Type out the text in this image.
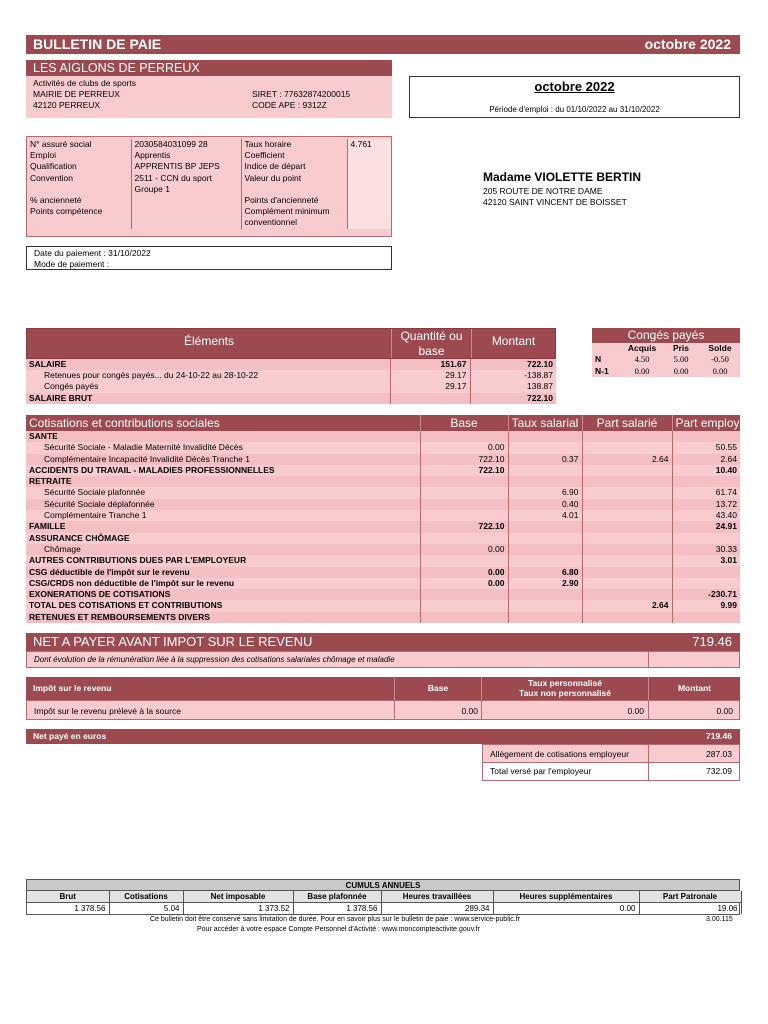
BULLETIN DE PAIE	octobre 2022
LES AIGLONS DE PERREUX
Activités de clubs de sports
MAIRIE DE PERREUX
42120 PERREUX
SIRET : 77632874200015
CODE APE : 9312Z
octobre 2022
Période d'emploi : du 01/10/2022 au 31/10/2022
N° assuré social	2030584031099 28	Taux horaire	4.761
Emploi	Apprentis	Coefficient	
Qualification	APPRENTIS BP JEPS	Indice de départ	
Convention	2511 - CCN du sport	Valeur du point	
	Groupe 1		
% ancienneté		Points d'ancienneté	
Points compétence		Complément minimum	
		conventionnel	
Madame VIOLETTE BERTIN
205 ROUTE DE NOTRE DAME
42120 SAINT VINCENT DE BOISSET
Date du paiement : 31/10/2022
Mode de paiement :
Éléments	Quantité ou
base
Montant
SALAIRE	151.67	722.10
Retenues pour congés payés... du 24-10-22 au 28-10-22	29.17	-138.87
Congés payés	29.17	138.87
SALAIRE BRUT		722.10
Congés payés
	Acquis	Pris	Solde
N	4.50	5.00	-0.50
N-1	0.00	0.00	0.00
Cotisations et contributions sociales	Base	Taux salarial	Part salarié	Part employeur
SANTE				
Sécurité Sociale - Maladie Maternité Invalidité Décès	0.00			50.55
Complémentaire Incapacité Invalidité Décès Tranche 1	722.10	0.37	2.64	2.64
ACCIDENTS DU TRAVAIL - MALADIES PROFESSIONNELLES	722.10			10.40
RETRAITE				
Sécurité Sociale plafonnée		6.90		61.74
Sécurité Sociale déplafonnée		0.40		13.72
Complémentaire Tranche 1		4.01		43.40
FAMILLE	722.10			24.91
ASSURANCE CHÔMAGE				
Chômage	0.00			30.33
AUTRES CONTRIBUTIONS DUES PAR L'EMPLOYEUR				3.01
CSG déductible de l'impôt sur le revenu	0.00	6.80		
CSG/CRDS non déductible de l'impôt sur le revenu	0.00	2.90		
EXONERATIONS DE COTISATIONS				-230.71
TOTAL DES COTISATIONS ET CONTRIBUTIONS			2.64	9.99
RETENUES ET REMBOURSEMENTS DIVERS				
NET A PAYER AVANT IMPOT SUR LE REVENU	719.46
Dont évolution de la rémunération liée à la suppression des cotisations salariales chômage et maladie
Impôt sur le revenu	Base	Taux personnalisé
Taux non personnalisé	Montant
Impôt sur le revenu prélevé à la source	0.00	0.00	0.00
Net payé en euros	719.46
Allègement de cotisations employeur	287.03
Total versé par l'employeur	732.09
CUMULS ANNUELS
Brut	Cotisations	Net imposable	Base plafonnée	Heures travaillées	Heures supplémentaires	Part Patronale
1 378.56	5.04	1 373.52	1 378.56	289.34	0.00	19.06
Ce bulletin doit être conservé sans limitation de durée. Pour en savoir plus sur le bulletin de paie : www.service-public.fr	3.00.115
Pour accéder à votre espace Compte Personnel d'Activité : www.moncompteactivite.gouv.fr
